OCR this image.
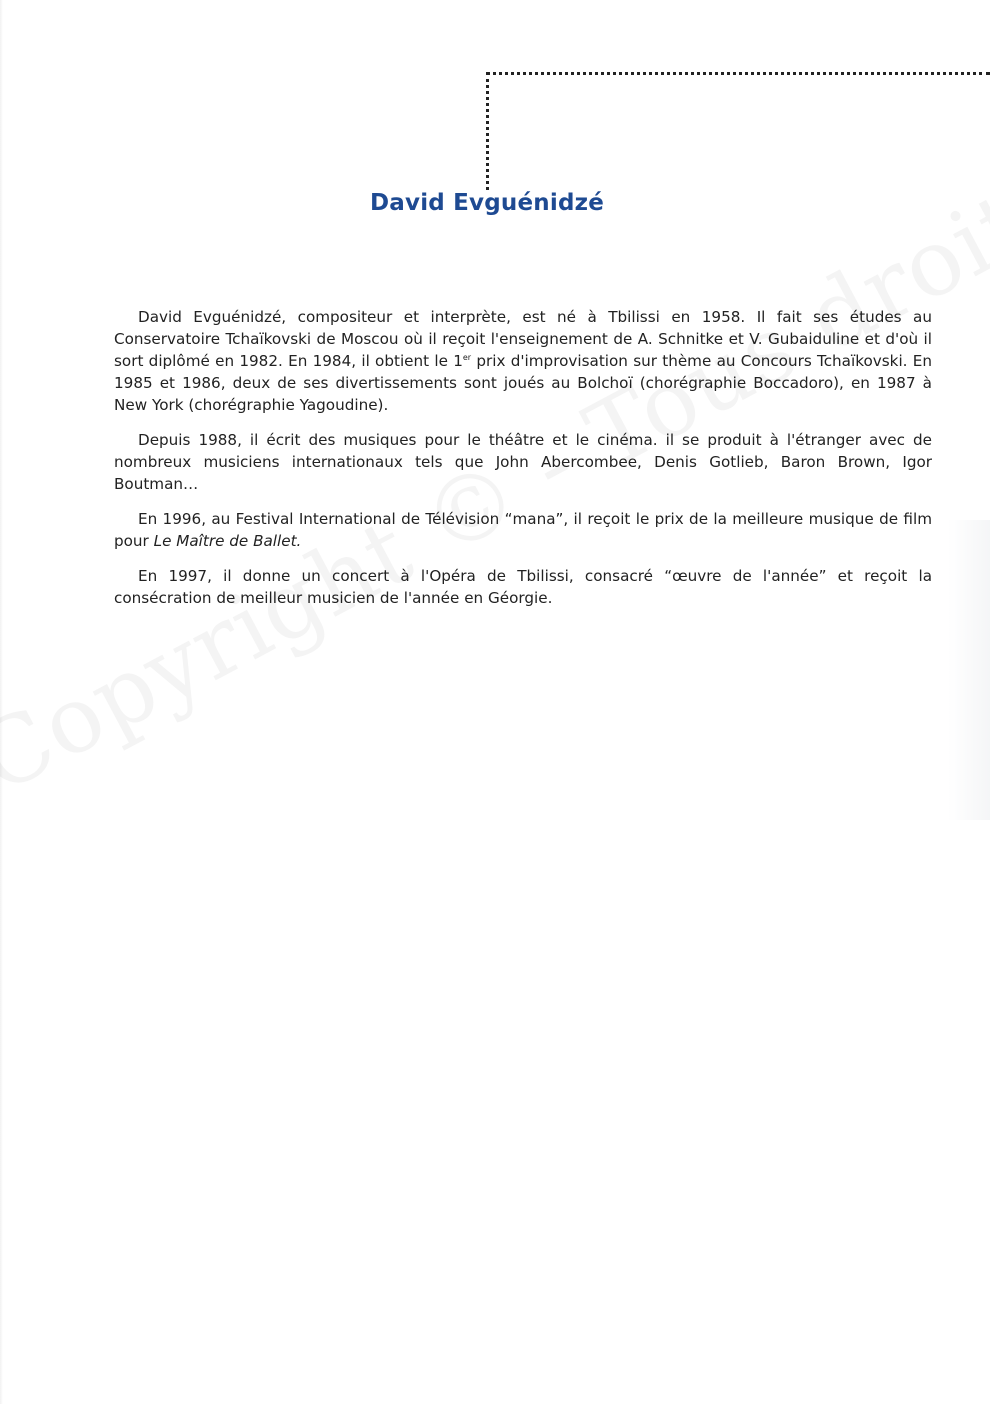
David Evguénidzé

David Evguénidzé, compositeur et interprète, est né à Tbilissi en 1958. Il fait ses études au Conservatoire Tchaïkovski de Moscou où il reçoit l'enseignement de A. Schnitke et V. Gubaiduline et d'où il sort diplômé en 1982. En 1984, il obtient le 1er prix d'improvisation sur thème au Concours Tchaïkovski. En 1985 et 1986, deux de ses divertissements sont joués au Bolchoï (chorégraphie Boccadoro), en 1987 à New York (chorégraphie Yagoudine).

Depuis 1988, il écrit des musiques pour le théâtre et le cinéma. il se produit à l'étranger avec de nombreux musiciens internationaux tels que John Abercombee, Denis Gotlieb, Baron Brown, Igor Boutman…

En 1996, au Festival International de Télévision “mana”, il reçoit le prix de la meilleure musique de film pour Le Maître de Ballet.

En 1997, il donne un concert à l'Opéra de Tbilissi, consacré “œuvre de l'année” et reçoit la consécration de meilleur musicien de l'année en Géorgie.
